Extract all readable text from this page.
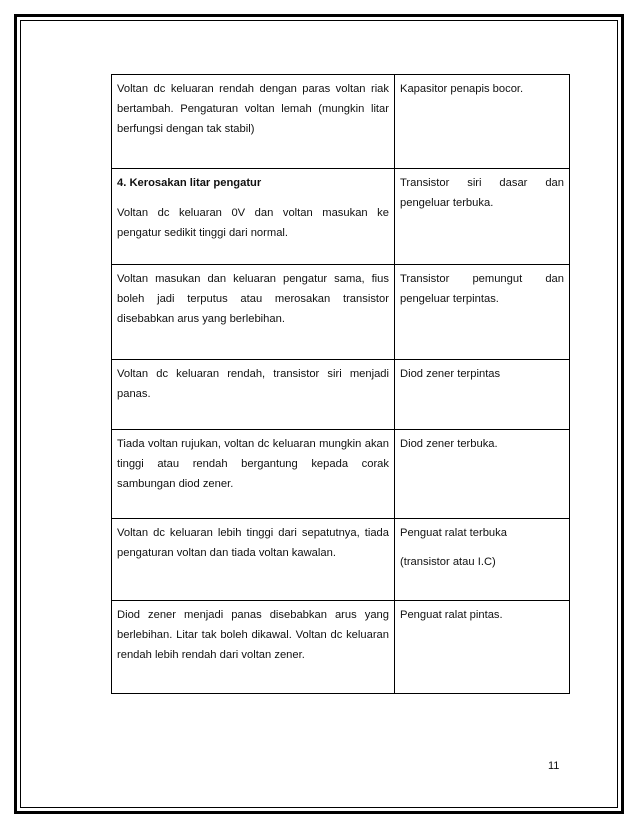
Voltan dc keluaran rendah dengan paras voltan riak bertambah. Pengaturan voltan lemah (mungkin litar berfungsi dengan tak stabil)	Kapasitor penapis bocor.

4. Kerosakan litar pengatur
Voltan dc keluaran 0V dan voltan masukan ke pengatur sedikit tinggi dari normal.	Transistor siri dasar dan pengeluar terbuka.

Voltan masukan dan keluaran pengatur sama, fius boleh jadi terputus atau merosakan transistor disebabkan arus yang berlebihan.	Transistor pemungut dan pengeluar terpintas.

Voltan dc keluaran rendah, transistor siri menjadi panas.	Diod zener terpintas

Tiada voltan rujukan, voltan dc keluaran mungkin akan tinggi atau rendah bergantung kepada corak sambungan diod zener.	Diod zener terbuka.

Voltan dc keluaran lebih tinggi dari sepatutnya, tiada pengaturan voltan dan tiada voltan kawalan.	Penguat ralat terbuka
(transistor atau I.C)

Diod zener menjadi panas disebabkan arus yang berlebihan. Litar tak boleh dikawal. Voltan dc keluaran rendah lebih rendah dari voltan zener.	Penguat ralat pintas.
11
